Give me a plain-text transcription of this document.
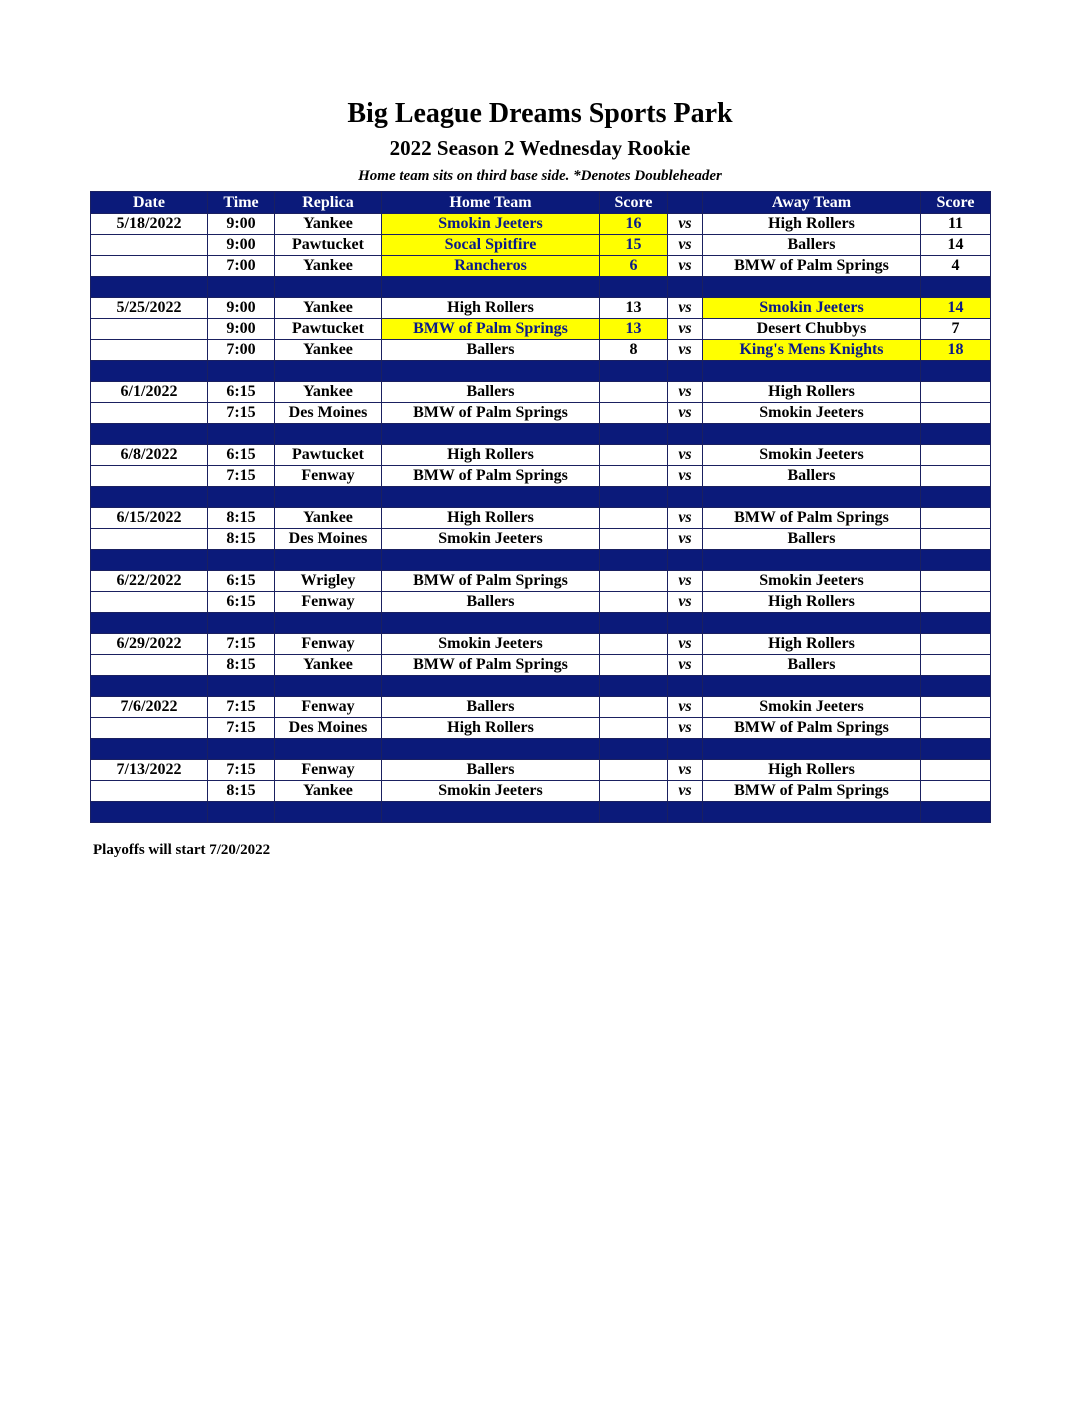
Big League Dreams Sports Park
2022 Season 2 Wednesday Rookie
Home team sits on third base side. *Denotes Doubleheader
Date	Time	Replica	Home Team	Score		Away Team	Score
5/18/2022	9:00	Yankee	Smokin Jeeters	16	vs	High Rollers	11
	9:00	Pawtucket	Socal Spitfire	15	vs	Ballers	14
	7:00	Yankee	Rancheros	6	vs	BMW of Palm Springs	4

5/25/2022	9:00	Yankee	High Rollers	13	vs	Smokin Jeeters	14
	9:00	Pawtucket	BMW of Palm Springs	13	vs	Desert Chubbys	7
	7:00	Yankee	Ballers	8	vs	King's Mens Knights	18

6/1/2022	6:15	Yankee	Ballers		vs	High Rollers	
	7:15	Des Moines	BMW of Palm Springs		vs	Smokin Jeeters	

6/8/2022	6:15	Pawtucket	High Rollers		vs	Smokin Jeeters	
	7:15	Fenway	BMW of Palm Springs		vs	Ballers	

6/15/2022	8:15	Yankee	High Rollers		vs	BMW of Palm Springs	
	8:15	Des Moines	Smokin Jeeters		vs	Ballers	

6/22/2022	6:15	Wrigley	BMW of Palm Springs		vs	Smokin Jeeters	
	6:15	Fenway	Ballers		vs	High Rollers	

6/29/2022	7:15	Fenway	Smokin Jeeters		vs	High Rollers	
	8:15	Yankee	BMW of Palm Springs		vs	Ballers	

7/6/2022	7:15	Fenway	Ballers		vs	Smokin Jeeters	
	7:15	Des Moines	High Rollers		vs	BMW of Palm Springs	

7/13/2022	7:15	Fenway	Ballers		vs	High Rollers	
	8:15	Yankee	Smokin Jeeters		vs	BMW of Palm Springs	

Playoffs will start 7/20/2022
